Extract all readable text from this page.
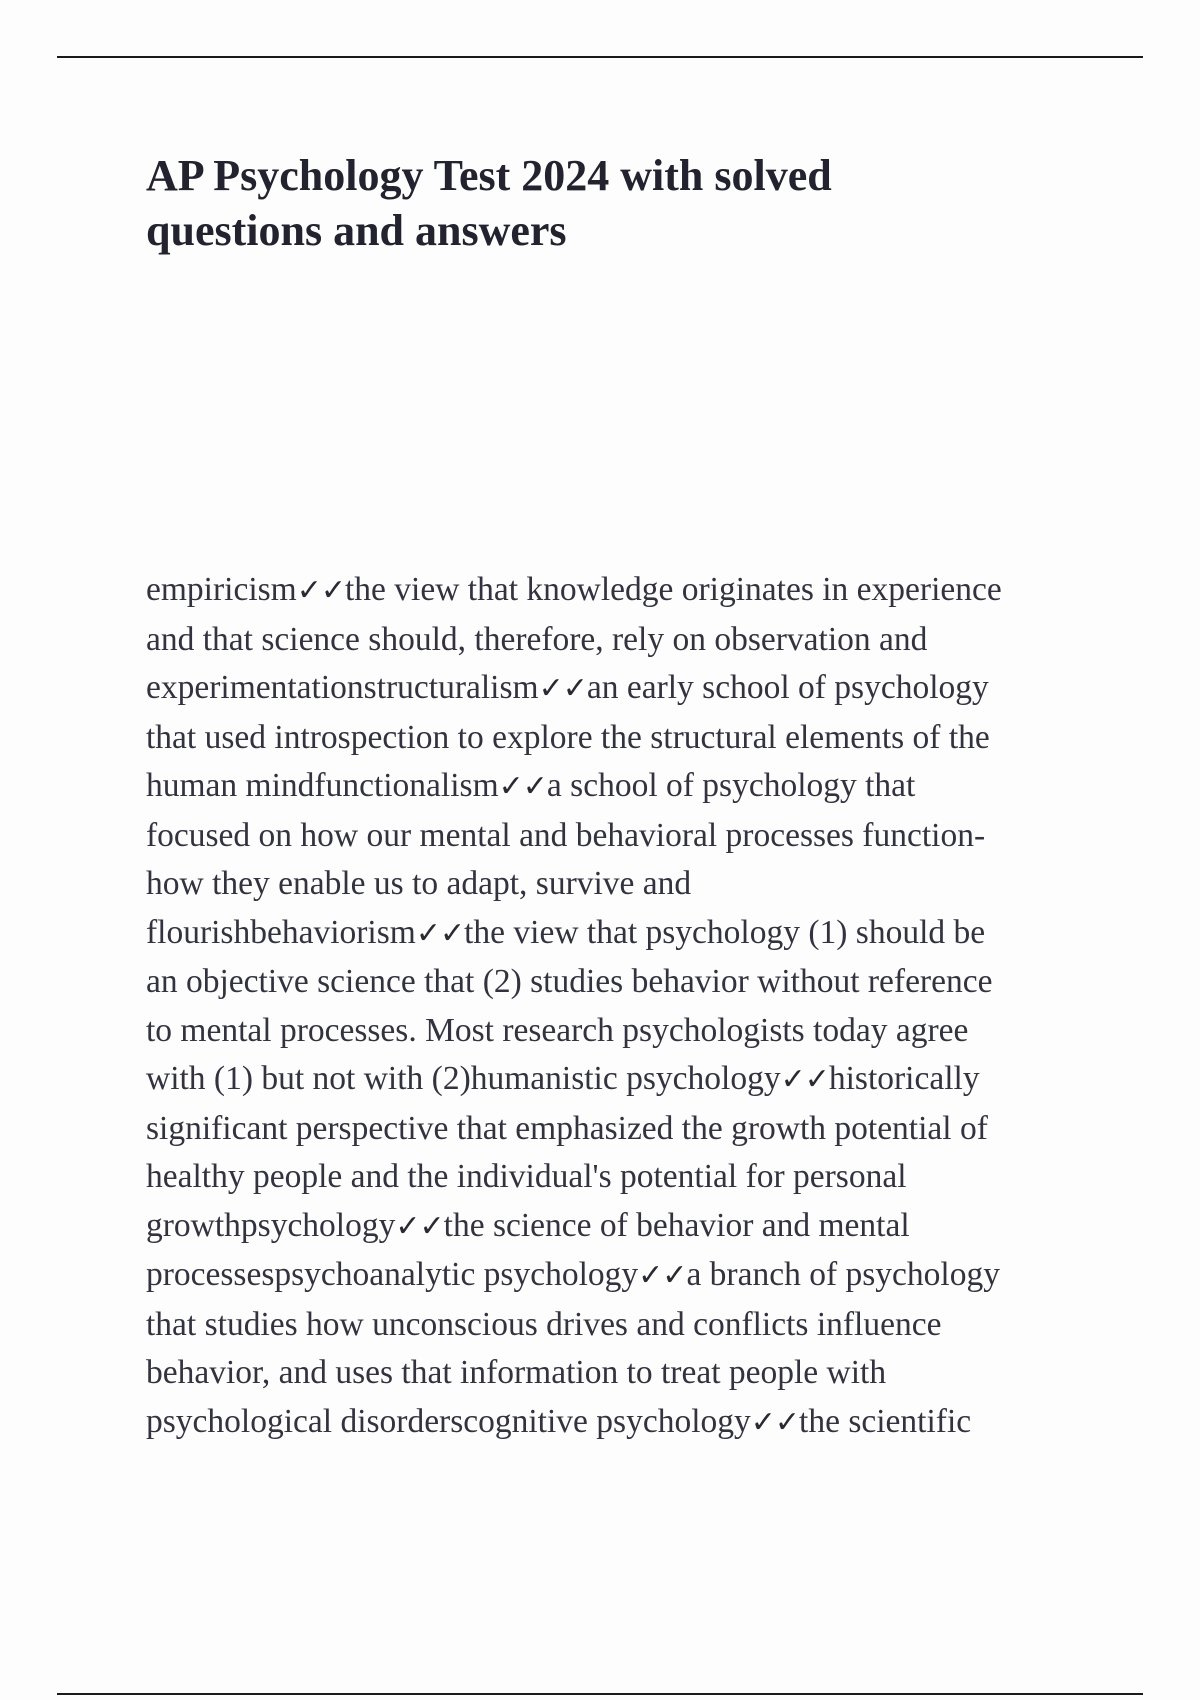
AP Psychology Test 2024 with solved
questions and answers
empiricism✓✓the view that knowledge originates in experience
and that science should, therefore, rely on observation and
experimentationstructuralism✓✓an early school of psychology
that used introspection to explore the structural elements of the
human mindfunctionalism✓✓a school of psychology that
focused on how our mental and behavioral processes function-
how they enable us to adapt, survive and
flourishbehaviorism✓✓the view that psychology (1) should be
an objective science that (2) studies behavior without reference
to mental processes. Most research psychologists today agree
with (1) but not with (2)humanistic psychology✓✓historically
significant perspective that emphasized the growth potential of
healthy people and the individual's potential for personal
growthpsychology✓✓the science of behavior and mental
processespsychoanalytic psychology✓✓a branch of psychology
that studies how unconscious drives and conflicts influence
behavior, and uses that information to treat people with
psychological disorderscognitive psychology✓✓the scientific
